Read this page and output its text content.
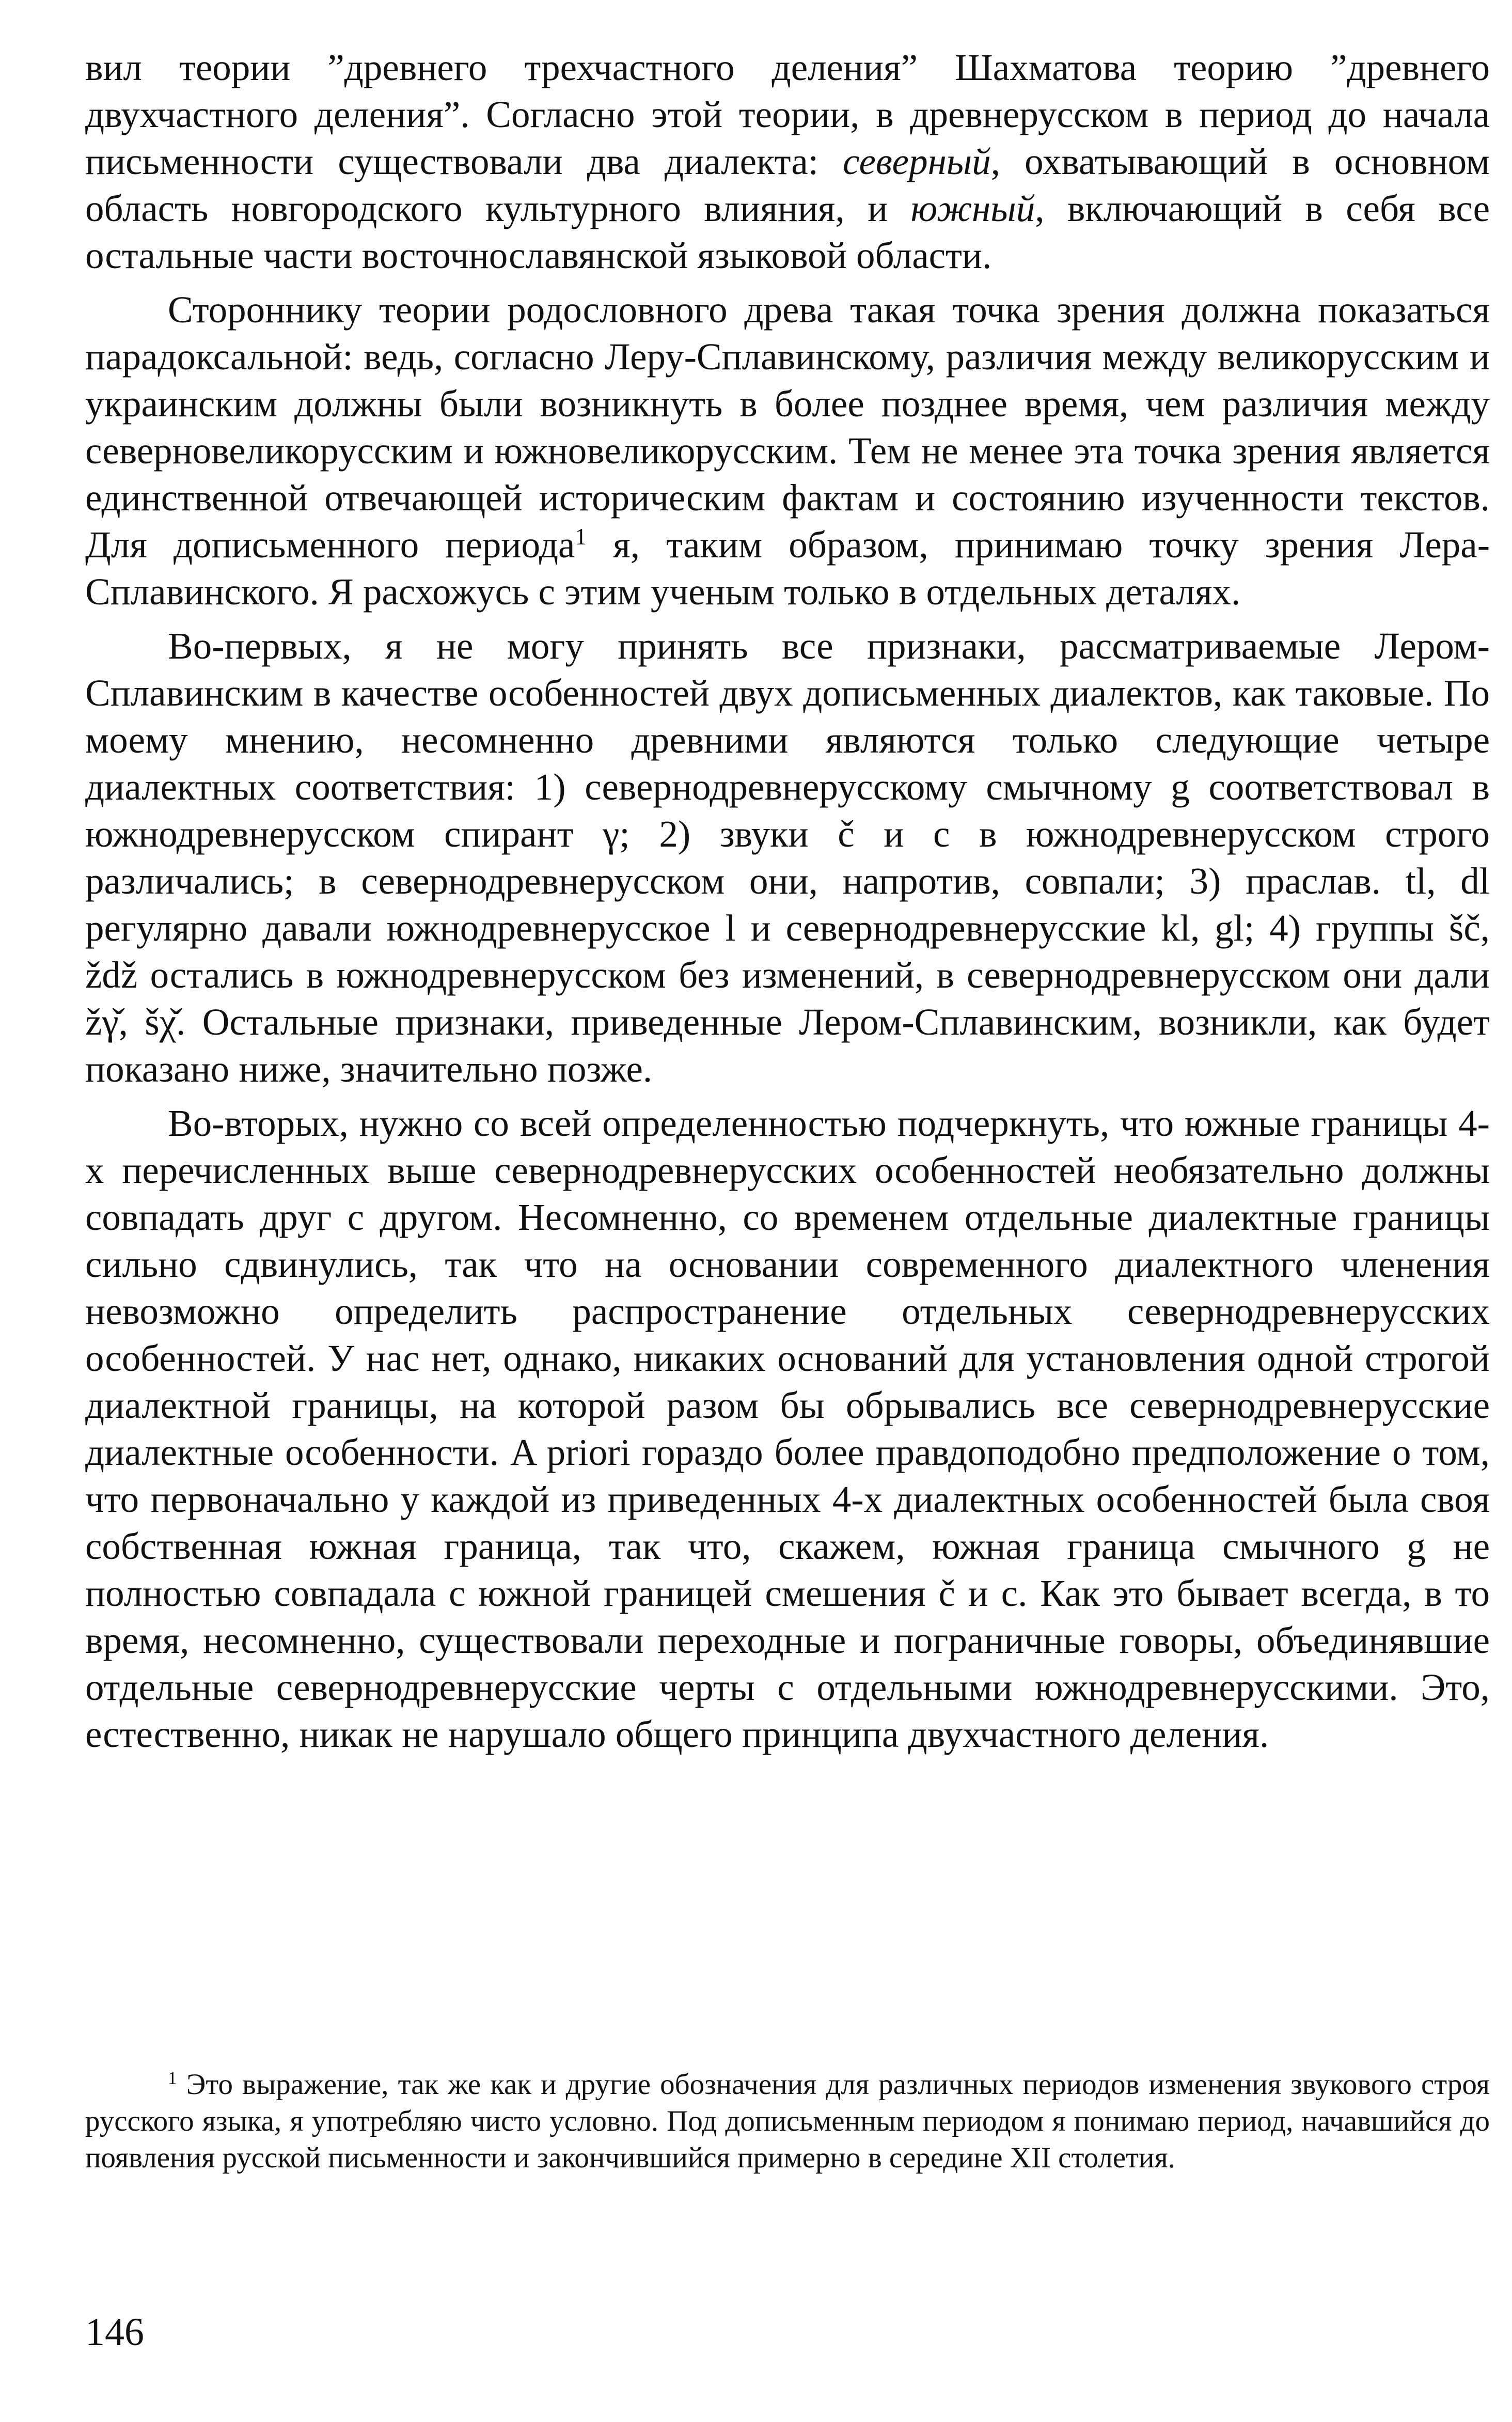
вил теории ”древнего трехчастного деления” Шахматова теорию ”древнего двухчастного деления”. Согласно этой теории, в древнерусском в период до начала письменности существовали два диалекта: северный, охватывающий в основном область новгородского культурного влияния, и южный, включающий в себя все остальные части восточнославянской языковой области.

Стороннику теории родословного древа такая точка зрения должна показаться парадоксальной: ведь, согласно Леру-Сплавинскому, различия между великорусским и украинским должны были возникнуть в более позднее время, чем различия между северновеликорусским и южновеликорусским. Тем не менее эта точка зрения является единственной отвечающей историческим фактам и состоянию изученности текстов. Для дописьменного периода$^1$ я, таким образом, принимаю точку зрения Лера-Сплавинского. Я расхожусь с этим ученым только в отдельных деталях.

Во-первых, я не могу принять все признаки, рассматриваемые Лером-Сплавинским в качестве особенностей двух дописьменных диалектов, как таковые. По моему мнению, несомненно древними являются только следующие четыре диалектных соответствия: 1) севернодревнерусскому смычному g соответствовал в южнодревнерусском спирант γ; 2) звуки č и c в южнодревнерусском строго различались; в севернодревнерусском они, напротив, совпали; 3) праслав. tl, dl регулярно давали южнодревнерусское l и севернодревнерусские kl, gl; 4) группы šč, ždž остались в южнодревнерусском без изменений, в севернодревнерусском они дали žγ̌, šχ̌. Остальные признаки, приведенные Лером-Сплавинским, возникли, как будет показано ниже, значительно позже.

Во-вторых, нужно со всей определенностью подчеркнуть, что южные границы 4-х перечисленных выше севернодревнерусских особенностей необязательно должны совпадать друг с другом. Несомненно, со временем отдельные диалектные границы сильно сдвинулись, так что на основании современного диалектного членения невозможно определить распространение отдельных севернодревнерусских особенностей. У нас нет, однако, никаких оснований для установления одной строгой диалектной границы, на которой разом бы обрывались все севернодревнерусские диалектные особенности. A priori гораздо более правдоподобно предположение о том, что первоначально у каждой из приведенных 4-х диалектных особенностей была своя собственная южная граница, так что, скажем, южная граница смычного g не полностью совпадала с южной границей смешения č и c. Как это бывает всегда, в то время, несомненно, существовали переходные и пограничные говоры, объединявшие отдельные севернодревнерусские черты с отдельными южнодревнерусскими. Это, естественно, никак не нарушало общего принципа двухчастного деления.

$^1$ Это выражение, так же как и другие обозначения для различных периодов изменения звукового строя русского языка, я употребляю чисто условно. Под дописьменным периодом я понимаю период, начавшийся до появления русской письменности и закончившийся примерно в середине XII столетия.

146
